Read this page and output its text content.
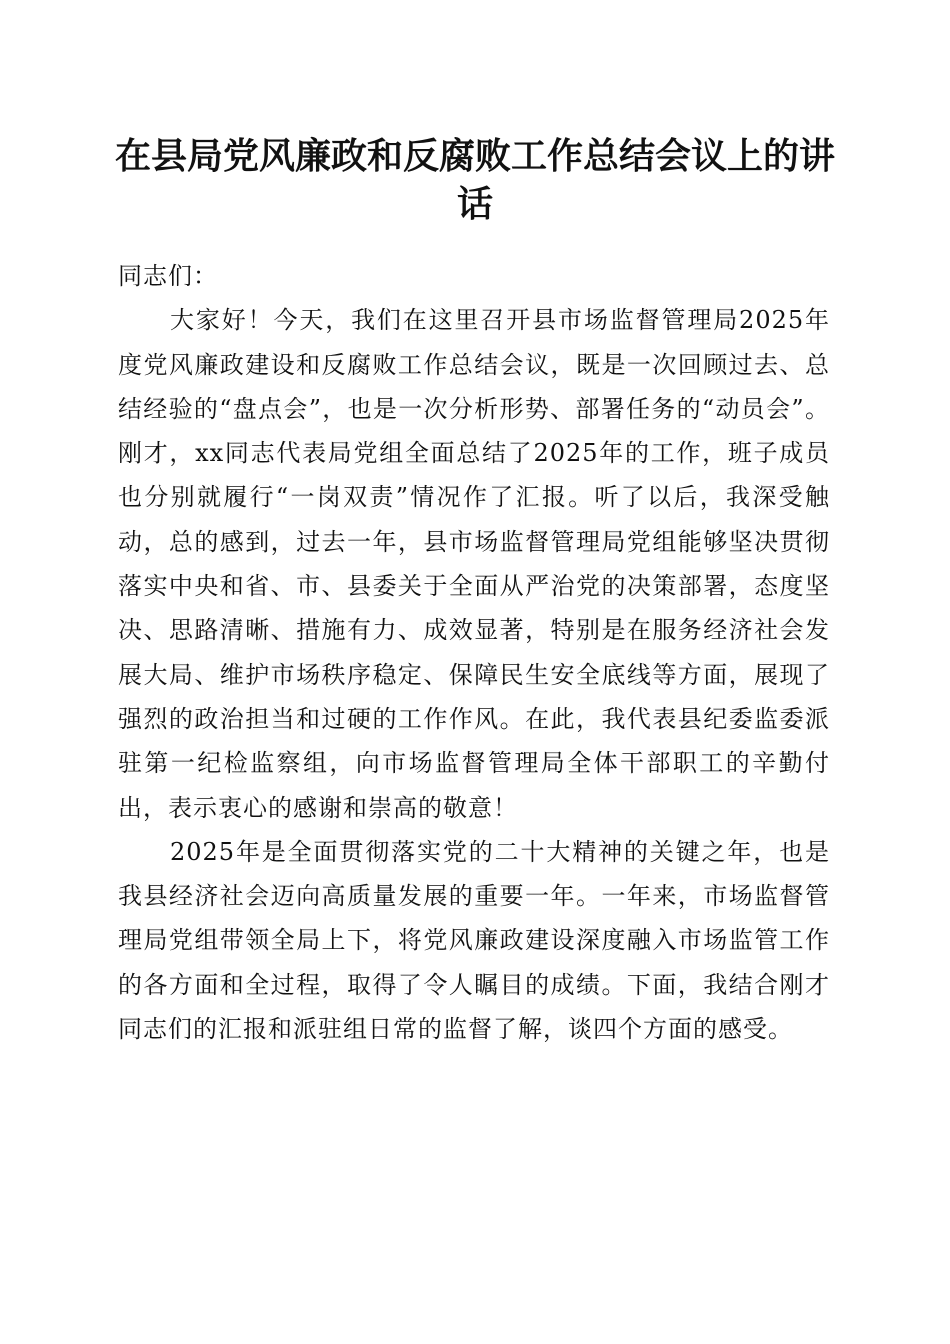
在县局党风廉政和反腐败工作总结会议上的讲话

同志们：

大家好！今天，我们在这里召开县市场监督管理局2025年度党风廉政建设和反腐败工作总结会议，既是一次回顾过去、总结经验的“盘点会”，也是一次分析形势、部署任务的“动员会”。刚才，xx同志代表局党组全面总结了2025年的工作，班子成员也分别就履行“一岗双责”情况作了汇报。听了以后，我深受触动，总的感到，过去一年，县市场监督管理局党组能够坚决贯彻落实中央和省、市、县委关于全面从严治党的决策部署，态度坚决、思路清晰、措施有力、成效显著，特别是在服务经济社会发展大局、维护市场秩序稳定、保障民生安全底线等方面，展现了强烈的政治担当和过硬的工作作风。在此，我代表县纪委监委派驻第一纪检监察组，向市场监督管理局全体干部职工的辛勤付出，表示衷心的感谢和崇高的敬意！

2025年是全面贯彻落实党的二十大精神的关键之年，也是我县经济社会迈向高质量发展的重要一年。一年来，市场监督管理局党组带领全局上下，将党风廉政建设深度融入市场监管工作的各方面和全过程，取得了令人瞩目的成绩。下面，我结合刚才同志们的汇报和派驻组日常的监督了解，谈四个方面的感受。
